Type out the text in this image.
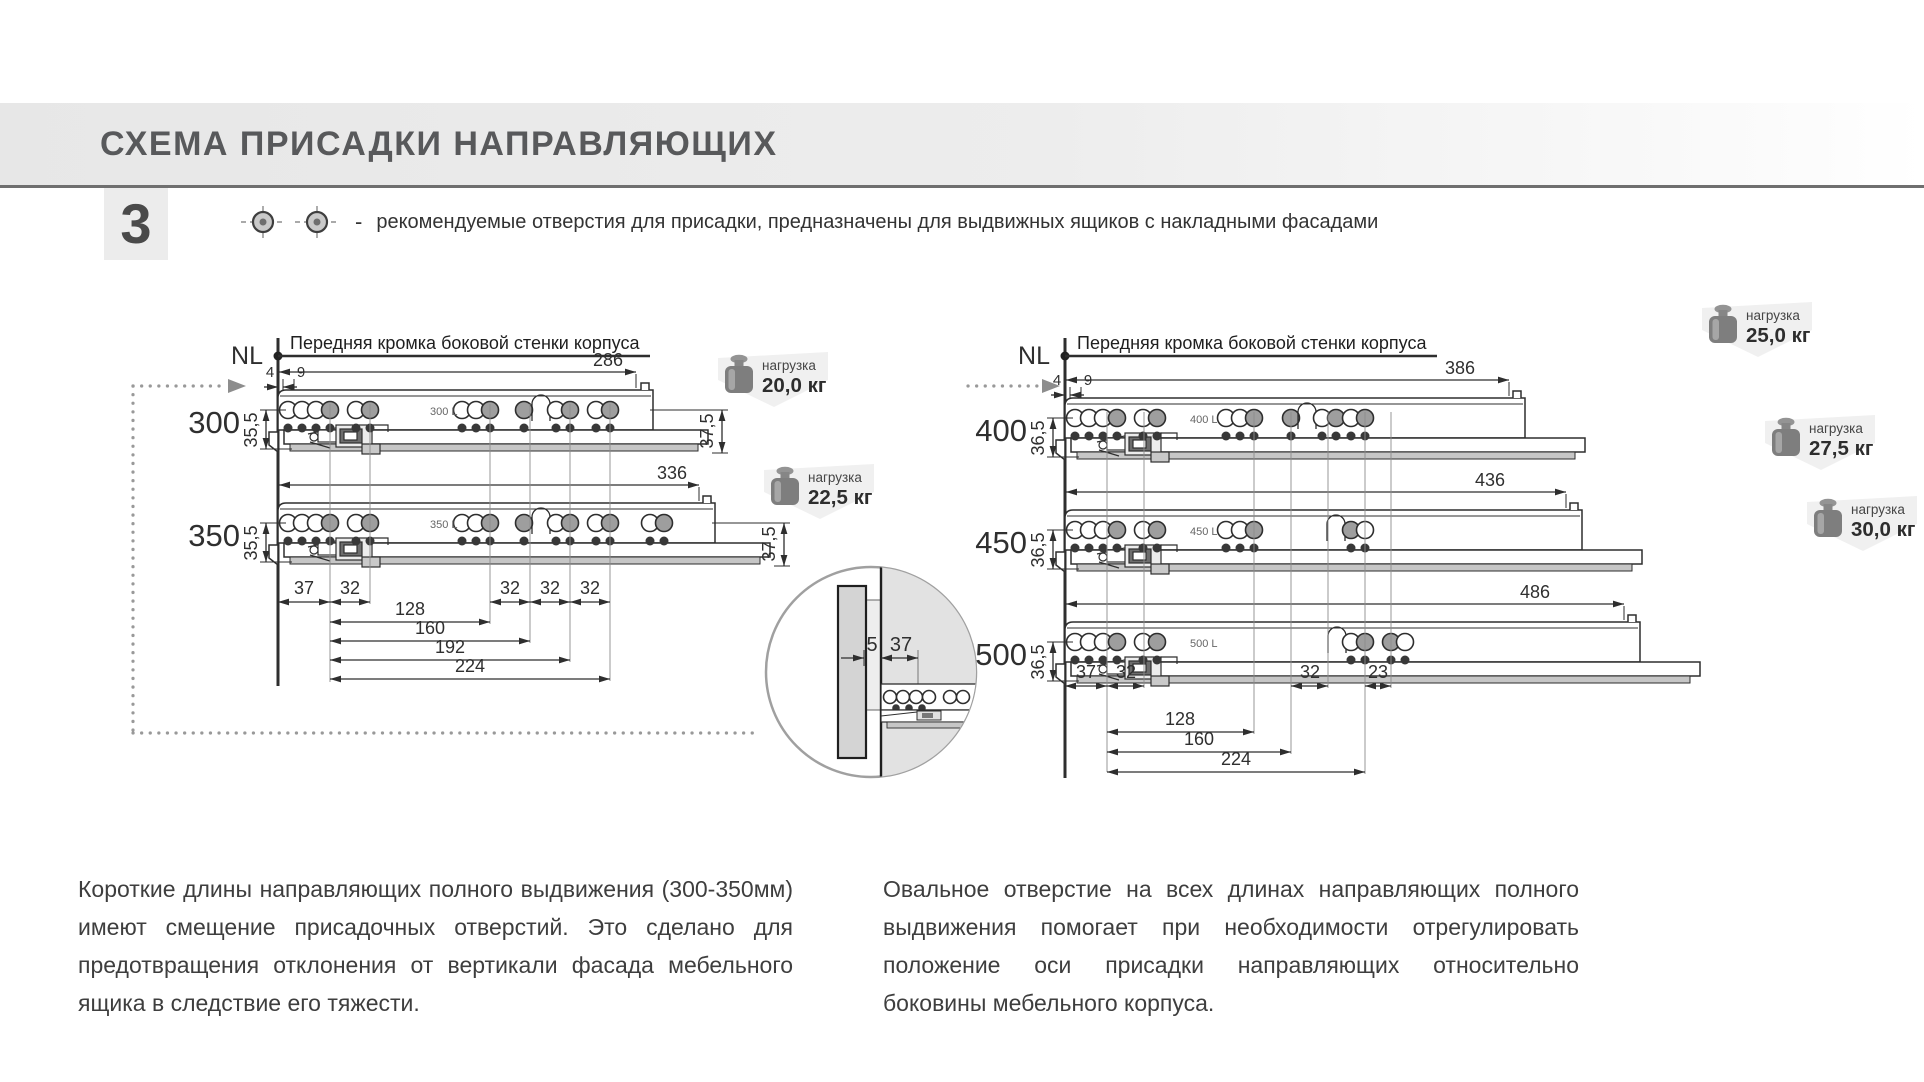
СХЕМА ПРИСАДКИ НАПРАВЛЯЮЩИХ
3	- рекомендуемые отверстия для присадки, предназначены для выдвижных ящиков с накладными фасадами
NL Передняя кромка боковой стенки корпуса
4 9
286
300 L
300 35,5	37,5
нагрузка
20,0 кг
336
350 L
350 35,5	37,5
нагрузка
22,5 кг
37 32	32 32 32
128
160
192
224
5 37
NL Передняя кромка боковой стенки корпуса
4 9
386
400 L
400 36,5
нагрузка
25,0 кг
436
450 L
450 36,5
нагрузка
27,5 кг
486
500 L
500 36,5
нагрузка
30,0 кг
37 32	32	23
128
160
224
Короткие длины направляющих полного выдвижения (300-350мм) имеют смещение присадочных отверстий. Это сделано для предотвращения отклонения от вертикали фасада мебельного ящика в следствие его тяжести.
Овальное отверстие на всех длинах направляющих полного выдвижения помогает при необходимости отрегулировать положение оси присадки направляющих относительно боковины мебельного корпуса.
